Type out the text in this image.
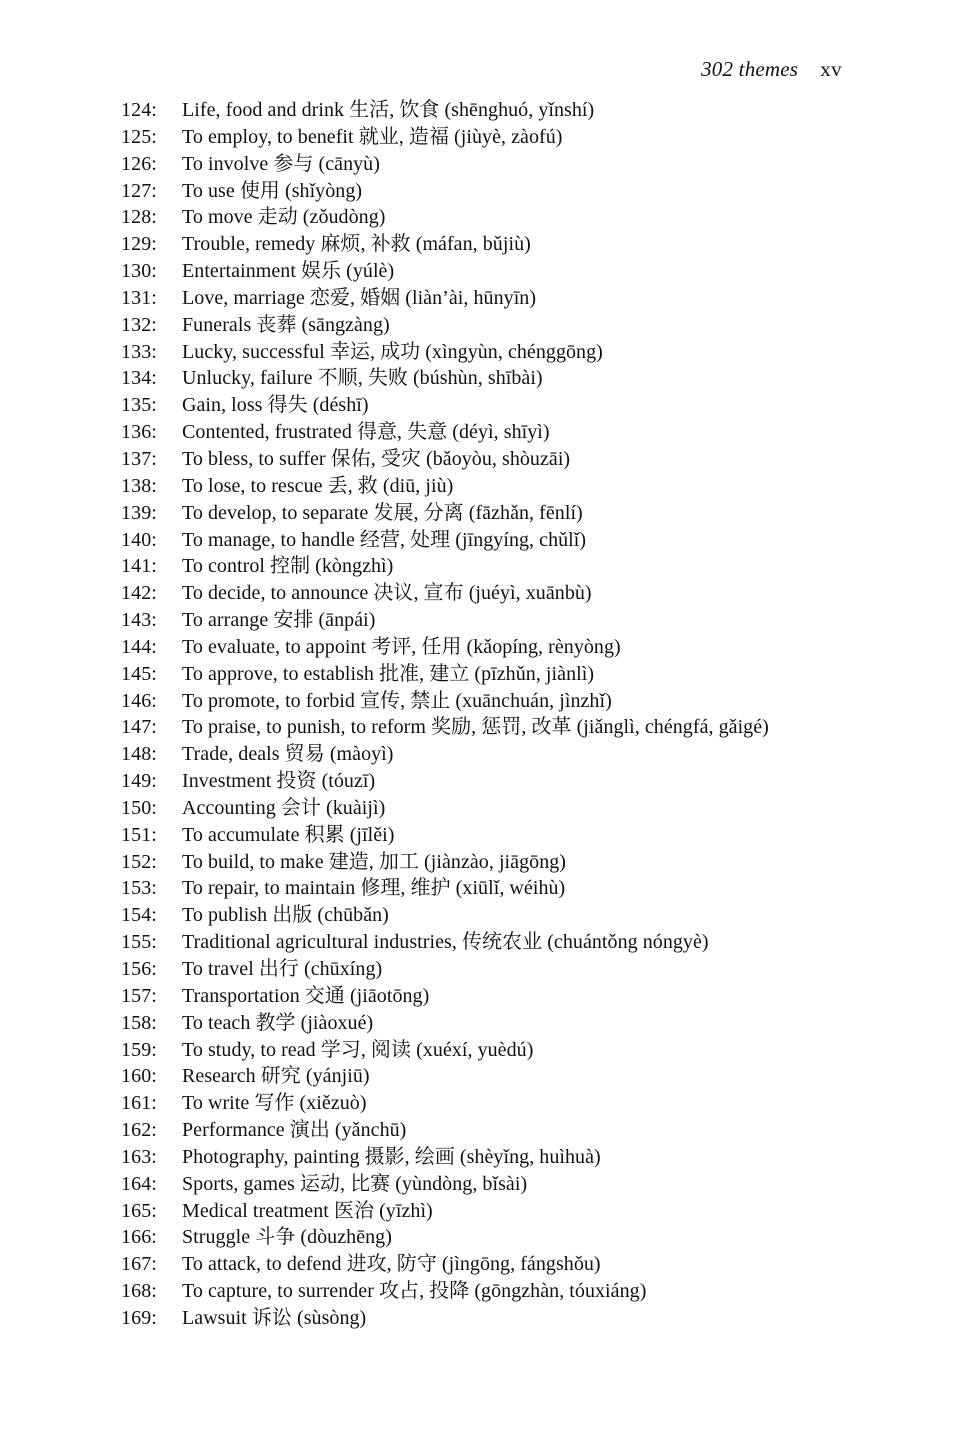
302 themes xv
124:	Life, food and drink 生活, 饮食 (shēnghuó, yǐnshí)
125:	To employ, to benefit 就业, 造福 (jiùyè, zàofú)
126:	To involve 参与 (cānyù)
127:	To use 使用 (shǐyòng)
128:	To move 走动 (zǒudòng)
129:	Trouble, remedy 麻烦, 补救 (máfan, bǔjiù)
130:	Entertainment 娱乐 (yúlè)
131:	Love, marriage 恋爱, 婚姻 (liàn’ài, hūnyīn)
132:	Funerals 丧葬 (sāngzàng)
133:	Lucky, successful 幸运, 成功 (xìngyùn, chénggōng)
134:	Unlucky, failure 不顺, 失败 (búshùn, shībài)
135:	Gain, loss 得失 (déshī)
136:	Contented, frustrated 得意, 失意 (déyì, shīyì)
137:	To bless, to suffer 保佑, 受灾 (bǎoyòu, shòuzāi)
138:	To lose, to rescue 丢, 救 (diū, jiù)
139:	To develop, to separate 发展, 分离 (fāzhǎn, fēnlí)
140:	To manage, to handle 经营, 处理 (jīngyíng, chǔlǐ)
141:	To control 控制 (kòngzhì)
142:	To decide, to announce 决议, 宣布 (juéyì, xuānbù)
143:	To arrange 安排 (ānpái)
144:	To evaluate, to appoint 考评, 任用 (kǎopíng, rènyòng)
145:	To approve, to establish 批准, 建立 (pīzhǔn, jiànlì)
146:	To promote, to forbid 宣传, 禁止 (xuānchuán, jìnzhǐ)
147:	To praise, to punish, to reform 奖励, 惩罚, 改革 (jiǎnglì, chéngfá, gǎigé)
148:	Trade, deals 贸易 (màoyì)
149:	Investment 投资 (tóuzī)
150:	Accounting 会计 (kuàijì)
151:	To accumulate 积累 (jīlěi)
152:	To build, to make 建造, 加工 (jiànzào, jiāgōng)
153:	To repair, to maintain 修理, 维护 (xiūlǐ, wéihù)
154:	To publish 出版 (chūbǎn)
155:	Traditional agricultural industries, 传统农业 (chuántǒng nóngyè)
156:	To travel 出行 (chūxíng)
157:	Transportation 交通 (jiāotōng)
158:	To teach 教学 (jiàoxué)
159:	To study, to read 学习, 阅读 (xuéxí, yuèdú)
160:	Research 研究 (yánjiū)
161:	To write 写作 (xiězuò)
162:	Performance 演出 (yǎnchū)
163:	Photography, painting 摄影, 绘画 (shèyǐng, huìhuà)
164:	Sports, games 运动, 比赛 (yùndòng, bǐsài)
165:	Medical treatment 医治 (yīzhì)
166:	Struggle 斗争 (dòuzhēng)
167:	To attack, to defend 进攻, 防守 (jìngōng, fángshǒu)
168:	To capture, to surrender 攻占, 投降 (gōngzhàn, tóuxiáng)
169:	Lawsuit 诉讼 (sùsòng)
